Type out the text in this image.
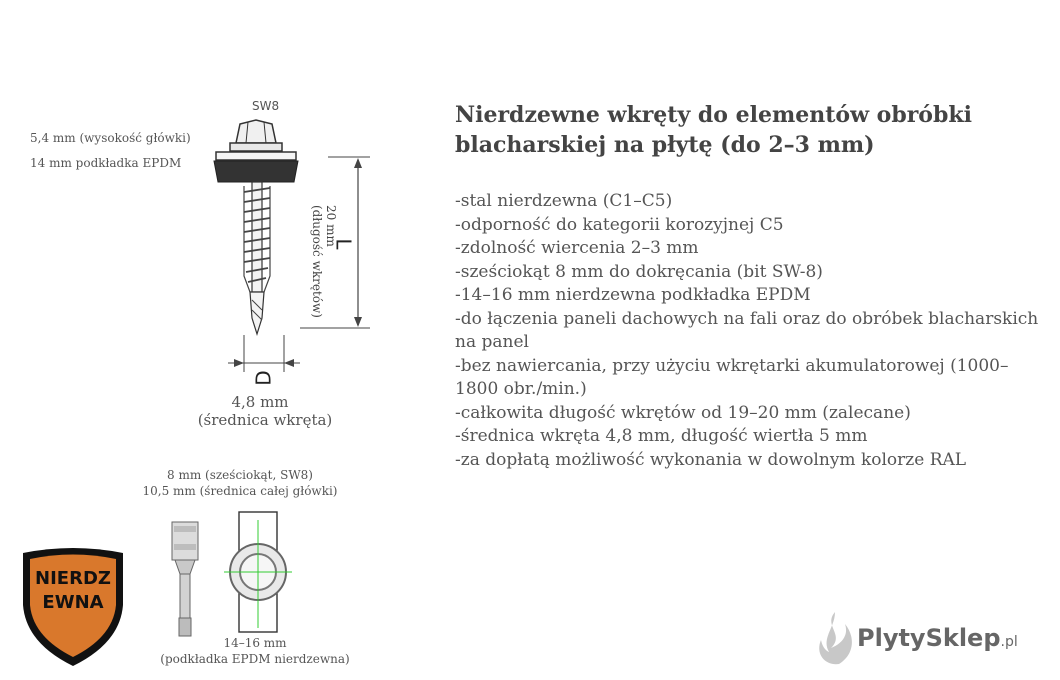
Nierdzewne wkręty do elementów obróbki blacharskiej na płytę (do 2–3 mm)
-stal nierdzewna (C1–C5)
-odporność do kategorii korozyjnej C5
-zdolność wiercenia 2–3 mm
-sześciokąt 8 mm do dokręcania (bit SW-8)
-14–16 mm nierdzewna podkładka EPDM
-do łączenia paneli dachowych na fali oraz do obróbek blacharskich na panel
-bez nawiercania, przy użyciu wkrętarki akumulatorowej (1000–1800 obr./min.)
-całkowita długość wkrętów od 19–20 mm (zalecane)
-średnica wkręta 4,8 mm, długość wiertła 5 mm
-za dopłatą możliwość wykonania w dowolnym kolorze RAL
SW8
5,4 mm (wysokość główki)
14 mm podkładka EPDM
L
20 mm
(długość wkrętów)
D
4,8 mm
(średnica wkręta)
8 mm (sześciokąt, SW8)
10,5 mm (średnica całej główki)
14–16 mm
(podkładka EPDM nierdzewna)
NIERDZ
EWNA
PlytySklep.pl
